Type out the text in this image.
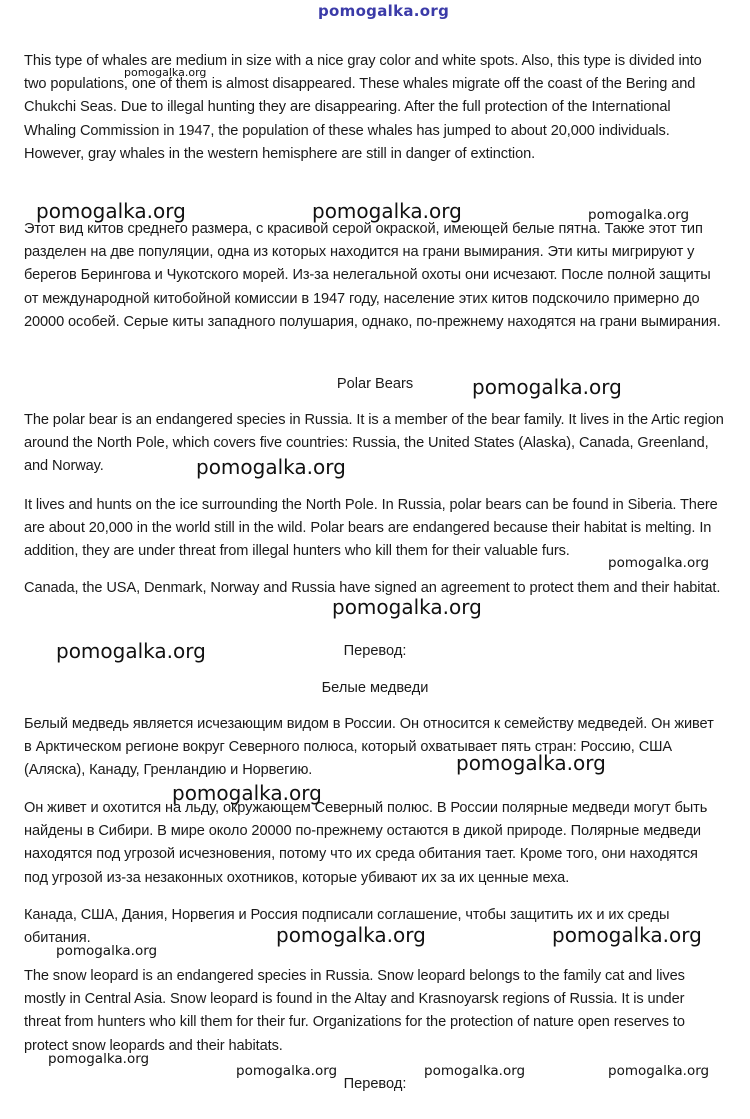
pomogalka.org
This type of whales are medium in size with a nice gray color and white spots. Also, this type is divided into two populations, one of them is almost disappeared. These whales migrate off the coast of the Bering and Chukchi Seas. Due to illegal hunting they are disappearing. After the full protection of the International Whaling Commission in 1947, the population of these whales has jumped to about 20,000 individuals. However, gray whales in the western hemisphere are still in danger of extinction.
Этот вид китов среднего размера, с красивой серой окраской, имеющей белые пятна. Также этот тип разделен на две популяции, одна из которых находится на грани вымирания. Эти киты мигрируют у берегов Берингова и Чукотского морей. Из-за нелегальной охоты они исчезают. После полной защиты от международной китобойной комиссии в 1947 году, население этих китов подскочило примерно до 20000 особей. Серые киты западного полушария, однако, по-прежнему находятся на грани вымирания.
Polar Bears
The polar bear is an endangered species in Russia. It is a member of the bear family. It lives in the Artic region around the North Pole, which covers five countries: Russia, the United States (Alaska), Canada, Greenland, and Norway.
It lives and hunts on the ice surrounding the North Pole. In Russia, polar bears can be found in Siberia. There are about 20,000 in the world still in the wild. Polar bears are endangered because their habitat is melting. In addition, they are under threat from illegal hunters who kill them for their valuable furs.
Canada, the USA, Denmark, Norway and Russia have signed an agreement to protect them and their habitat.
Перевод:
Белые медведи
Белый медведь является исчезающим видом в России. Он относится к семейству медведей. Он живет в Арктическом регионе вокруг Северного полюса, который охватывает пять стран: Россию, США (Аляска), Канаду, Гренландию и Норвегию.
Он живет и охотится на льду, окружающем Северный полюс. В России полярные медведи могут быть найдены в Сибири. В мире около 20000 по-прежнему остаются в дикой природе. Полярные медведи находятся под угрозой исчезновения, потому что их среда обитания тает. Кроме того, они находятся под угрозой из-за незаконных охотников, которые убивают их за их ценные меха.
Канада, США, Дания, Норвегия и Россия подписали соглашение, чтобы защитить их и их среды обитания.
The snow leopard is an endangered species in Russia. Snow leopard belongs to the family cat and lives mostly in Central Asia. Snow leopard is found in the Altay and Krasnoyarsk regions of Russia. It is under threat from hunters who kill them for their fur. Organizations for the protection of nature open reserves to protect snow leopards and their habitats.
Перевод:
pomogalka.org
pomogalka.org	pomogalka.org	pomogalka.org
pomogalka.org
pomogalka.org
pomogalka.org
pomogalka.org
pomogalka.org
pomogalka.org
pomogalka.org
pomogalka.org	pomogalka.org
pomogalka.org
pomogalka.org
pomogalka.org	pomogalka.org	pomogalka.org
